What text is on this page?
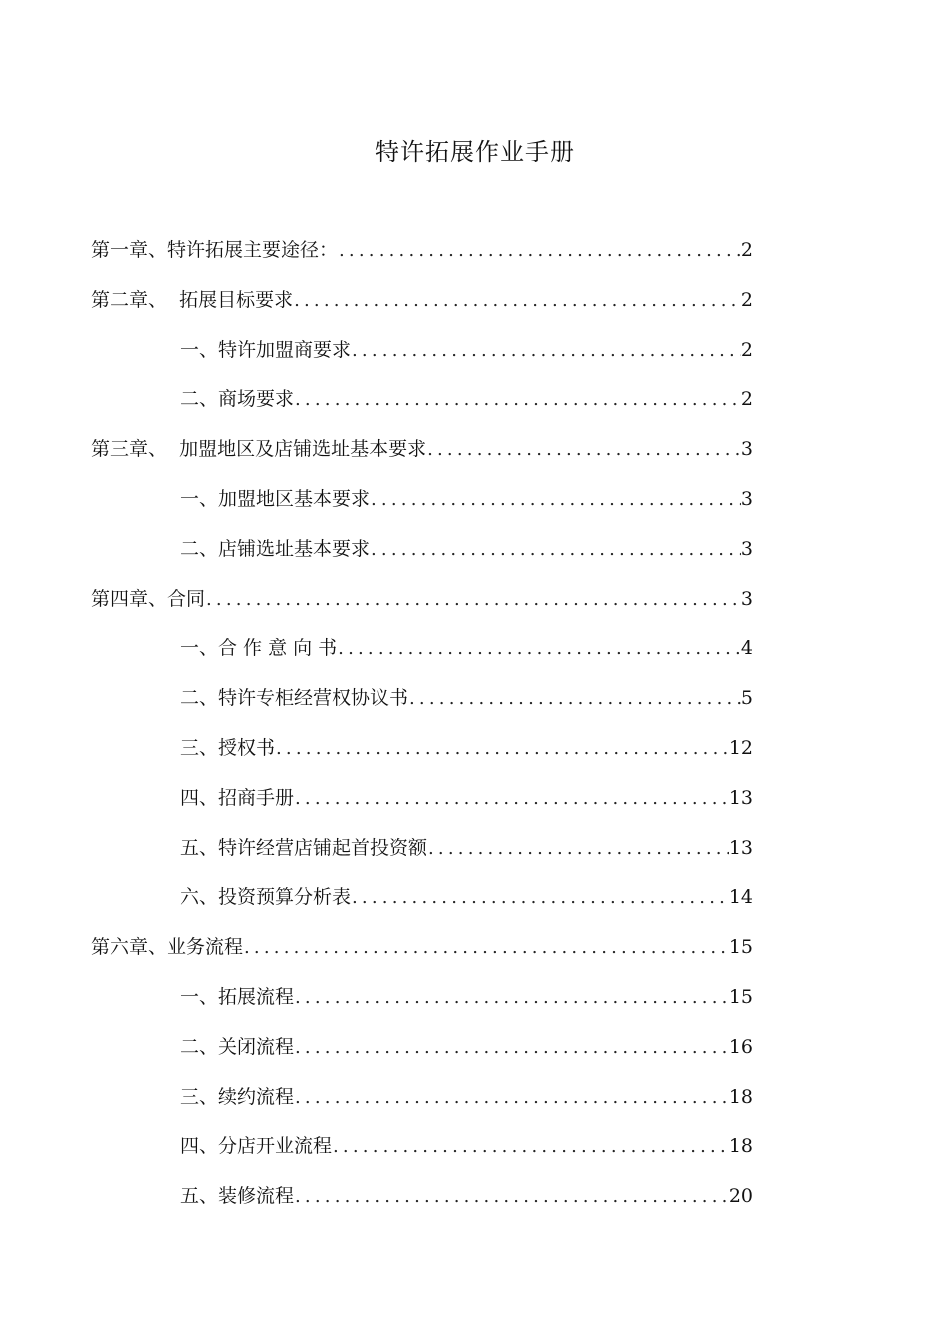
特许拓展作业手册
第一章、特许拓展主要途径： .....	2
第二章、  拓展目标要求 .....	2
一、特许加盟商要求 .....	2
二、商场要求 .....	2
第三章、  加盟地区及店铺选址基本要求 .....	3
一、加盟地区基本要求 .....	3
二、店铺选址基本要求 .....	3
第四章、合同 .....	3
一、合 作 意 向 书 .....	4
二、特许专柜经营权协议书 .....	5
三、授权书 .....	12
四、招商手册 .....	13
五、特许经营店铺起首投资额 .....	13
六、投资预算分析表 .....	14
第六章、业务流程 .....	15
一、拓展流程 .....	15
二、关闭流程 .....	16
三、续约流程 .....	18
四、分店开业流程 .....	18
五、装修流程 .....	20
